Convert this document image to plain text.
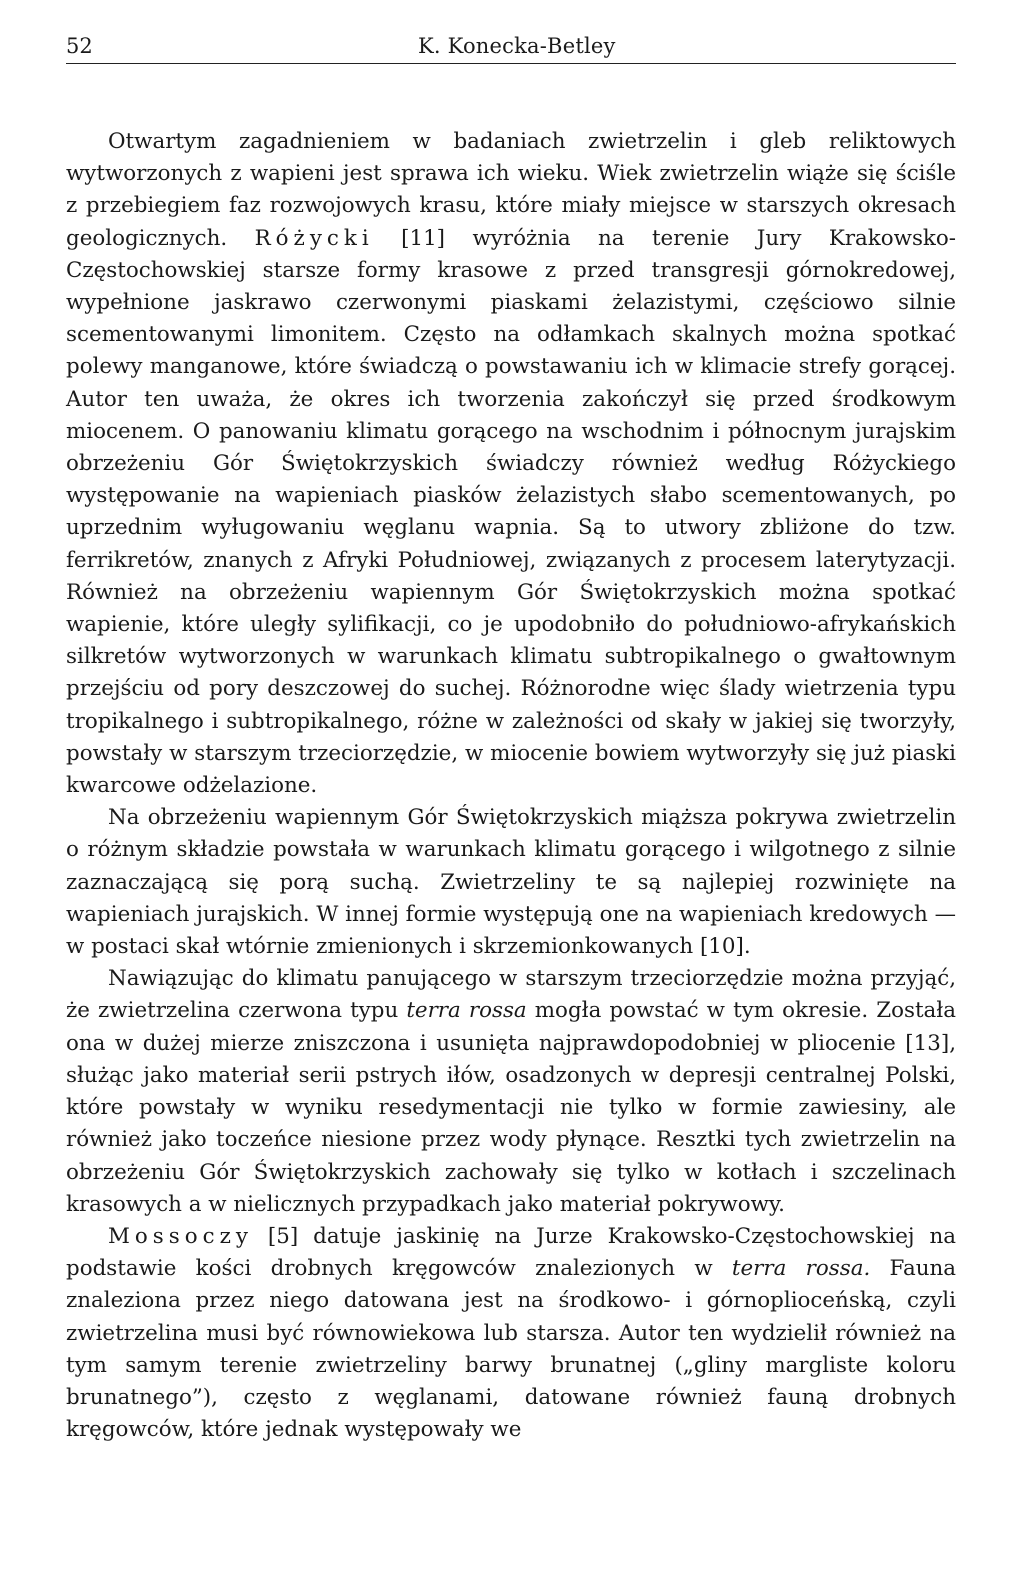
52	K. Konecka-Betley

Otwartym zagadnieniem w badaniach zwietrzelin i gleb reliktowych wytworzonych z wapieni jest sprawa ich wieku. Wiek zwietrzelin wiąże się ściśle z przebiegiem faz rozwojowych krasu, które miały miejsce w starszych okresach geologicznych. Różycki [11] wyróżnia na terenie Jury Krakowsko-Częstochowskiej starsze formy krasowe z przed transgresji górnokredowej, wypełnione jaskrawo czerwonymi piaskami żelazistymi, częściowo silnie scementowanymi limonitem. Często na odłamkach skalnych można spotkać polewy manganowe, które świadczą o powstawaniu ich w klimacie strefy gorącej. Autor ten uważa, że okres ich tworzenia zakończył się przed środkowym miocenem. O panowaniu klimatu gorącego na wschodnim i północnym jurajskim obrzeżeniu Gór Świętokrzyskich świadczy również według Różyckiego występowanie na wapieniach piasków żelazistych słabo scementowanych, po uprzednim wyługowaniu węglanu wapnia. Są to utwory zbliżone do tzw. ferrikretów, znanych z Afryki Południowej, związanych z procesem laterytyzacji. Również na obrzeżeniu wapiennym Gór Świętokrzyskich można spotkać wapienie, które uległy sylifikacji, co je upodobniło do południowo-afrykańskich silkretów wytworzonych w warunkach klimatu subtropikalnego o gwałtownym przejściu od pory deszczowej do suchej. Różnorodne więc ślady wietrzenia typu tropikalnego i subtropikalnego, różne w zależności od skały w jakiej się tworzyły, powstały w starszym trzeciorzędzie, w miocenie bowiem wytworzyły się już piaski kwarcowe odżelazione.

Na obrzeżeniu wapiennym Gór Świętokrzyskich miąższa pokrywa zwietrzelin o różnym składzie powstała w warunkach klimatu gorącego i wilgotnego z silnie zaznaczającą się porą suchą. Zwietrzeliny te są najlepiej rozwinięte na wapieniach jurajskich. W innej formie występują one na wapieniach kredowych — w postaci skał wtórnie zmienionych i skrzemionkowanych [10].

Nawiązując do klimatu panującego w starszym trzeciorzędzie można przyjąć, że zwietrzelina czerwona typu terra rossa mogła powstać w tym okresie. Została ona w dużej mierze zniszczona i usunięta najprawdopodobniej w pliocenie [13], służąc jako materiał serii pstrych iłów, osadzonych w depresji centralnej Polski, które powstały w wyniku resedymentacji nie tylko w formie zawiesiny, ale również jako toczeńce niesione przez wody płynące. Resztki tych zwietrzelin na obrzeżeniu Gór Świętokrzyskich zachowały się tylko w kotłach i szczelinach krasowych a w nielicznych przypadkach jako materiał pokrywowy.

Mossoczy [5] datuje jaskinię na Jurze Krakowsko-Częstochowskiej na podstawie kości drobnych kręgowców znalezionych w terra rossa. Fauna znaleziona przez niego datowana jest na środkowo- i górnoplioceńską, czyli zwietrzelina musi być równowiekowa lub starsza. Autor ten wydzielił również na tym samym terenie zwietrzeliny barwy brunatnej („gliny margliste koloru brunatnego”), często z węglanami, datowane również fauną drobnych kręgowców, które jednak występowały we
